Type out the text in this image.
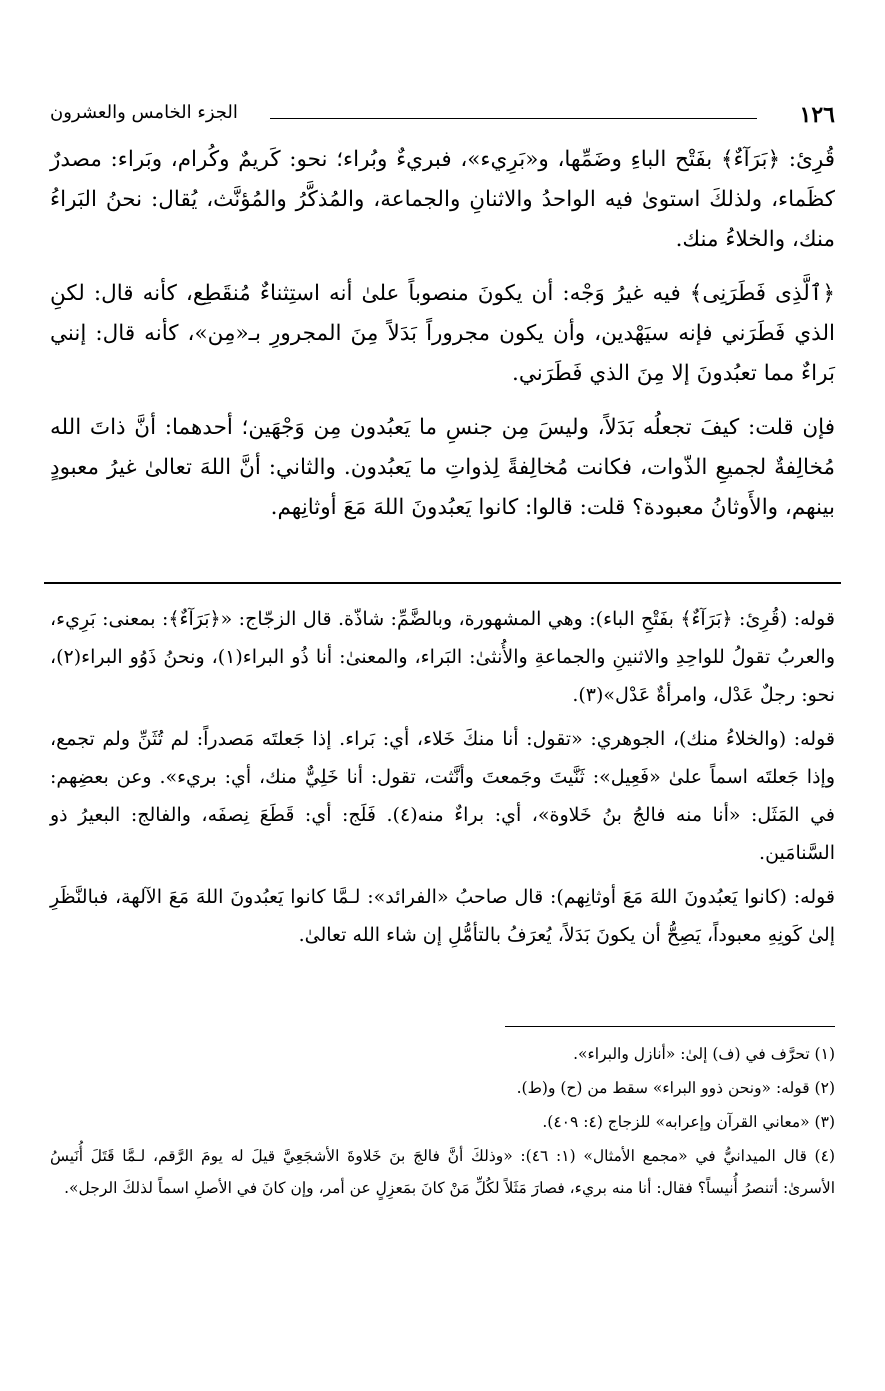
١٢٦
الجزء الخامس والعشرون

قُرِئ: ﴿بَرَآءٌ﴾ بفَتْح الباءِ وضَمِّها، و«بَرِيء»، فبريءٌ وبُراء؛ نحو: كَريمٌ وكُرام، وبَراء: مصدرٌ كظَماء، ولذلكَ استوىٰ فيه الواحدُ والاثنانِ والجماعة، والمُذكَّرُ والمُؤنَّث، يُقال: نحنُ البَراءُ منك، والخلاءُ منك.

﴿ٱلَّذِى فَطَرَنِى﴾ فيه غيرُ وَجْه: أن يكونَ منصوباً علىٰ أنه استِثناءٌ مُنقَطِع، كأنه قال: لكنِ الذي فَطَرَني فإنه سيَهْدين، وأن يكون مجروراً بَدَلاً مِنَ المجرورِ بـ«مِن»، كأنه قال: إنني بَراءٌ مما تعبُدونَ إلا مِنَ الذي فَطَرَني.

فإن قلت: كيفَ تجعلُه بَدَلاً، وليسَ مِن جنسِ ما يَعبُدون مِن وَجْهَين؛ أحدهما: أنَّ ذاتَ الله مُخالِفةٌ لجميعِ الذّوات، فكانت مُخالِفةً لِذواتِ ما يَعبُدون. والثاني: أنَّ اللهَ تعالىٰ غيرُ معبودٍ بينهم، والأَوثانُ معبودة؟ قلت: قالوا: كانوا يَعبُدونَ اللهَ مَعَ أوثانِهم.

قوله: (قُرِئ: ﴿بَرَآءٌ﴾ بفَتْحِ الباء): وهي المشهورة، وبالضَّمِّ: شاذّة. قال الزجّاج: «﴿بَرَآءٌ﴾: بمعنى: بَرِيء، والعربُ تقولُ للواحِدِ والاثنينِ والجماعةِ والأُنثىٰ: البَراء، والمعنىٰ: أنا ذُو البراء(١)، ونحنُ ذَوُو البراء(٢)، نحو: رجلٌ عَدْل، وامرأةٌ عَدْل»(٣).

قوله: (والخلاءُ منك)، الجوهري: «تقول: أنا منكَ خَلاء، أي: بَراء. إذا جَعلتَه مَصدراً: لم تُثَنِّ ولم تجمع، وإذا جَعلتَه اسماً علىٰ «فَعِيل»: ثَنَّيتَ وجَمعتَ وأنَّثت، تقول: أنا خَلِيٌّ منك، أي: بريء». وعن بعضِهم: في المَثَل: «أنا منه فالجُ بنُ خَلاوة»، أي: براءٌ منه(٤). فَلَج: أي: قَطَعَ نِصفَه، والفالج: البعيرُ ذو السَّنامَين.

قوله: (كانوا يَعبُدونَ اللهَ مَعَ أوثانِهم): قال صاحبُ «الفرائد»: لـمَّا كانوا يَعبُدونَ اللهَ مَعَ الآلهة، فبالنَّظَرِ إلىٰ كَونِهِ معبوداً، يَصِحُّ أن يكونَ بَدَلاً، يُعرَفُ بالتأمُّلِ إن شاء الله تعالىٰ.

(١) تحرَّف في (ف) إلىٰ: «أنازل والبراء».
(٢) قوله: «ونحن ذوو البراء» سقط من (ح) و(ط).
(٣) «معاني القرآن وإعرابه» للزجاج (٤: ٤٠٩).
(٤) قال الميدانيُّ في «مجمع الأمثال» (١: ٤٦): «وذلكَ أنَّ فالجَ بنَ خَلاوةَ الأشجَعِيَّ قيلَ له يومَ الرَّقم، لـمَّا قَتَلَ أُنَيسُ الأسرىٰ: أتنصرُ أُنيساً؟ فقال: أنا منه بريء، فصارَ مَثَلاً لكُلِّ مَنْ كانَ بمَعزِلٍ عن أمر، وإن كانَ في الأصلِ اسماً لذلكَ الرجل».
